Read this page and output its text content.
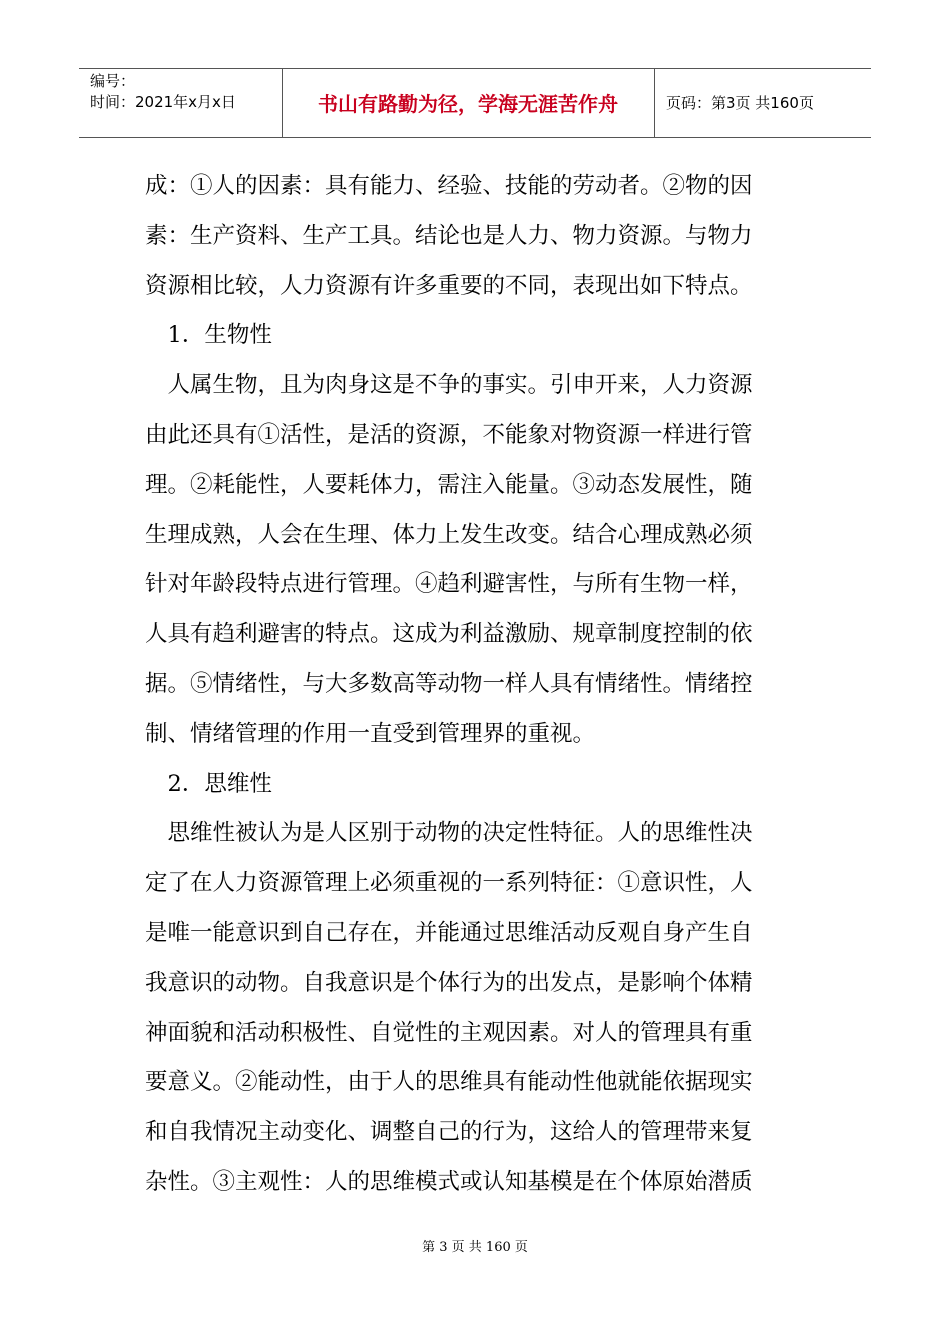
编号：
时间：2021年x月x日	书山有路勤为径，学海无涯苦作舟	页码：第3页 共160页
成：①人的因素：具有能力、经验、技能的劳动者。②物的因
素：生产资料、生产工具。结论也是人力、物力资源。与物力
资源相比较，人力资源有许多重要的不同，表现出如下特点。
　1．生物性
　人属生物，且为肉身这是不争的事实。引申开来，人力资源
由此还具有①活性，是活的资源，不能象对物资源一样进行管
理。②耗能性，人要耗体力，需注入能量。③动态发展性，随
生理成熟，人会在生理、体力上发生改变。结合心理成熟必须
针对年龄段特点进行管理。④趋利避害性，与所有生物一样，
人具有趋利避害的特点。这成为利益激励、规章制度控制的依
据。⑤情绪性，与大多数高等动物一样人具有情绪性。情绪控
制、情绪管理的作用一直受到管理界的重视。
　2．思维性
　思维性被认为是人区别于动物的决定性特征。人的思维性决
定了在人力资源管理上必须重视的一系列特征：①意识性，人
是唯一能意识到自己存在，并能通过思维活动反观自身产生自
我意识的动物。自我意识是个体行为的出发点，是影响个体精
神面貌和活动积极性、自觉性的主观因素。对人的管理具有重
要意义。②能动性，由于人的思维具有能动性他就能依据现实
和自我情况主动变化、调整自己的行为，这给人的管理带来复
杂性。③主观性：人的思维模式或认知基模是在个体原始潜质
第 3 页 共 160 页
